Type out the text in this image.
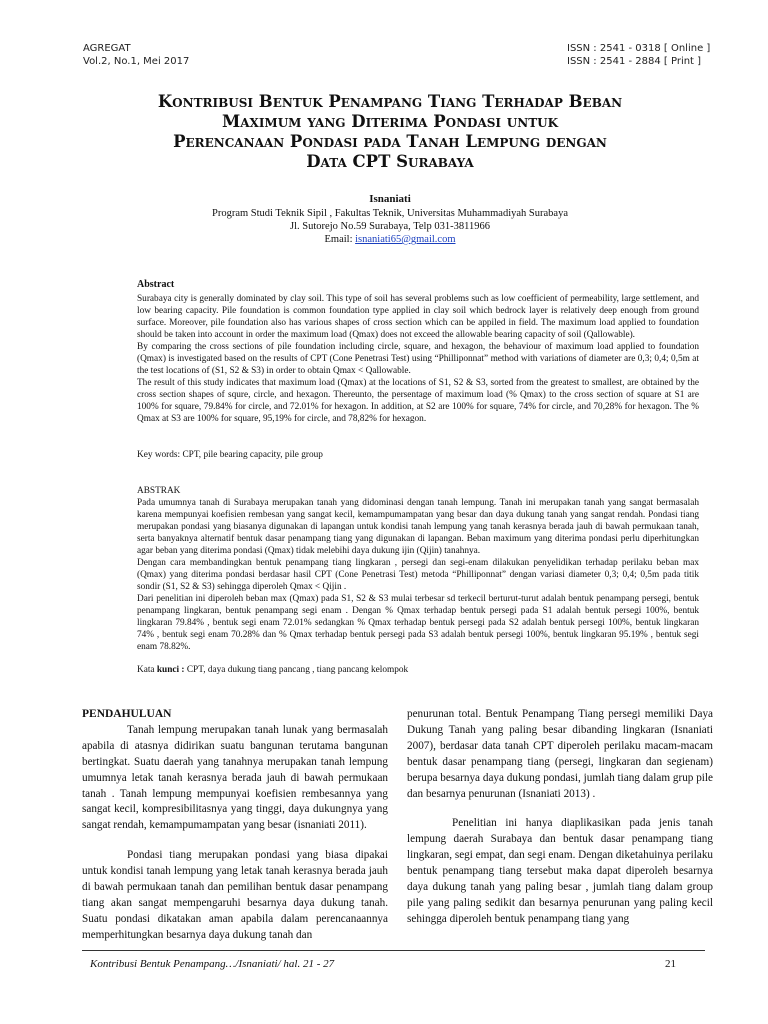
AGREGAT
Vol.2, No.1, Mei 2017
ISSN : 2541 - 0318 [ Online ]
ISSN : 2541 - 2884 [ Print ]
Kontribusi Bentuk Penampang Tiang Terhadap Beban
Maximum yang Diterima Pondasi untuk
Perencanaan Pondasi pada Tanah Lempung dengan
Data CPT Surabaya
Isnaniati
Program Studi Teknik Sipil , Fakultas Teknik, Universitas Muhammadiyah Surabaya
Jl. Sutorejo No.59 Surabaya, Telp 031-3811966
Email: isnaniati65@gmail.com
Abstract
Surabaya city is generally dominated by clay soil. This type of soil has several problems such as low coefficient of permeability, large settlement, and low bearing capacity. Pile foundation is common foundation type applied in clay soil which bedrock layer is relatively deep enough from ground surface. Moreover, pile foundation also has various shapes of cross section which can be appiled in field. The maximum load applied to foundation should be taken into account in order the maximum load (Qmax) does not exceed the allowable bearing capacity of soil (Qallowable).
By comparing the cross sections of pile foundation including circle, square, and hexagon, the behaviour of maximum load applied to foundation (Qmax) is investigated based on the results of CPT (Cone Penetrasi Test) using “Philliponnat” method with variations of diameter are 0,3; 0,4; 0,5m at the test locations of (S1, S2 & S3) in order to obtain Qmax < Qallowable.
The result of this study indicates that maximum load (Qmax) at the locations of S1, S2 & S3, sorted from the greatest to smallest, are obtained by the cross section shapes of squre, circle, and hexagon. Thereunto, the persentage of maximum load (% Qmax) to the cross section of square at S1 are 100% for square, 79.84% for circle, and 72.01% for hexagon. In addition, at S2 are 100% for square, 74% for circle, and 70,28% for hexagon. The % Qmax at S3 are 100% for square, 95,19% for circle, and 78,82% for hexagon.
Key words: CPT, pile bearing capacity, pile group
ABSTRAK
Pada umumnya tanah di Surabaya merupakan tanah yang didominasi dengan tanah lempung. Tanah ini merupakan tanah yang sangat bermasalah karena mempunyai koefisien rembesan yang sangat kecil, kemampumampatan yang besar dan daya dukung tanah yang sangat rendah. Pondasi tiang merupakan pondasi yang biasanya digunakan di lapangan untuk kondisi tanah lempung yang tanah kerasnya berada jauh di bawah permukaan tanah, serta banyaknya alternatif bentuk dasar penampang tiang yang digunakan di lapangan. Beban maximum yang diterima pondasi perlu diperhitungkan agar beban yang diterima pondasi (Qmax) tidak melebihi daya dukung ijin (Qijin) tanahnya.
Dengan cara membandingkan bentuk penampang tiang lingkaran , persegi dan segi-enam dilakukan penyelidikan terhadap perilaku beban max (Qmax) yang diterima pondasi berdasar hasil CPT (Cone Penetrasi Test) metoda “Philliponnat” dengan variasi diameter 0,3; 0,4; 0,5m pada titik sondir (S1, S2 & S3) sehingga diperoleh Qmax < Qijin .
Dari penelitian ini diperoleh beban max (Qmax) pada S1, S2 & S3 mulai terbesar sd terkecil berturut-turut adalah bentuk penampang persegi, bentuk penampang lingkaran, bentuk penampang segi enam . Dengan % Qmax terhadap bentuk persegi pada S1 adalah bentuk persegi 100%, bentuk lingkaran 79.84% , bentuk segi enam 72.01% sedangkan % Qmax terhadap bentuk persegi pada S2 adalah bentuk persegi 100%, bentuk lingkaran 74% , bentuk segi enam 70.28% dan % Qmax terhadap bentuk persegi pada S3 adalah bentuk persegi 100%, bentuk lingkaran 95.19% , bentuk segi enam 78.82%.
Kata kunci : CPT, daya dukung tiang pancang , tiang pancang kelompok

PENDAHULUAN

Tanah lempung merupakan tanah lunak yang bermasalah apabila di atasnya didirikan suatu bangunan terutama bangunan bertingkat. Suatu daerah yang tanahnya merupakan tanah lempung umumnya letak tanah kerasnya berada jauh di bawah permukaan tanah . Tanah lempung mempunyai koefisien rembesannya yang sangat kecil, kompresibilitasnya yang tinggi, daya dukungnya yang sangat rendah, kemampumampatan yang besar (isnaniati 2011).

Pondasi tiang merupakan pondasi yang biasa dipakai untuk kondisi tanah lempung yang letak tanah kerasnya berada jauh di bawah permukaan tanah dan pemilihan bentuk dasar penampang tiang akan sangat mempengaruhi besarnya daya dukung tanah. Suatu pondasi dikatakan aman apabila dalam perencanaannya memperhitungkan besarnya daya dukung tanah dan

penurunan total. Bentuk Penampang Tiang persegi memiliki Daya Dukung Tanah yang paling besar dibanding lingkaran (Isnaniati 2007), berdasar data tanah CPT diperoleh perilaku macam-macam bentuk dasar penampang tiang (persegi, lingkaran dan segienam) berupa besarnya daya dukung pondasi, jumlah tiang dalam grup pile dan besarnya penurunan (Isnaniati 2013) .

Penelitian ini hanya diaplikasikan pada jenis tanah lempung daerah Surabaya dan bentuk dasar penampang tiang lingkaran, segi empat, dan segi enam. Dengan diketahuinya perilaku bentuk penampang tiang tersebut maka dapat diperoleh besarnya daya dukung tanah yang paling besar , jumlah tiang dalam group pile yang paling sedikit dan besarnya penurunan yang paling kecil sehingga diperoleh bentuk penampang tiang yang

Kontribusi Bentuk Penampang…/Isnaniati/ hal. 21 - 27	21
